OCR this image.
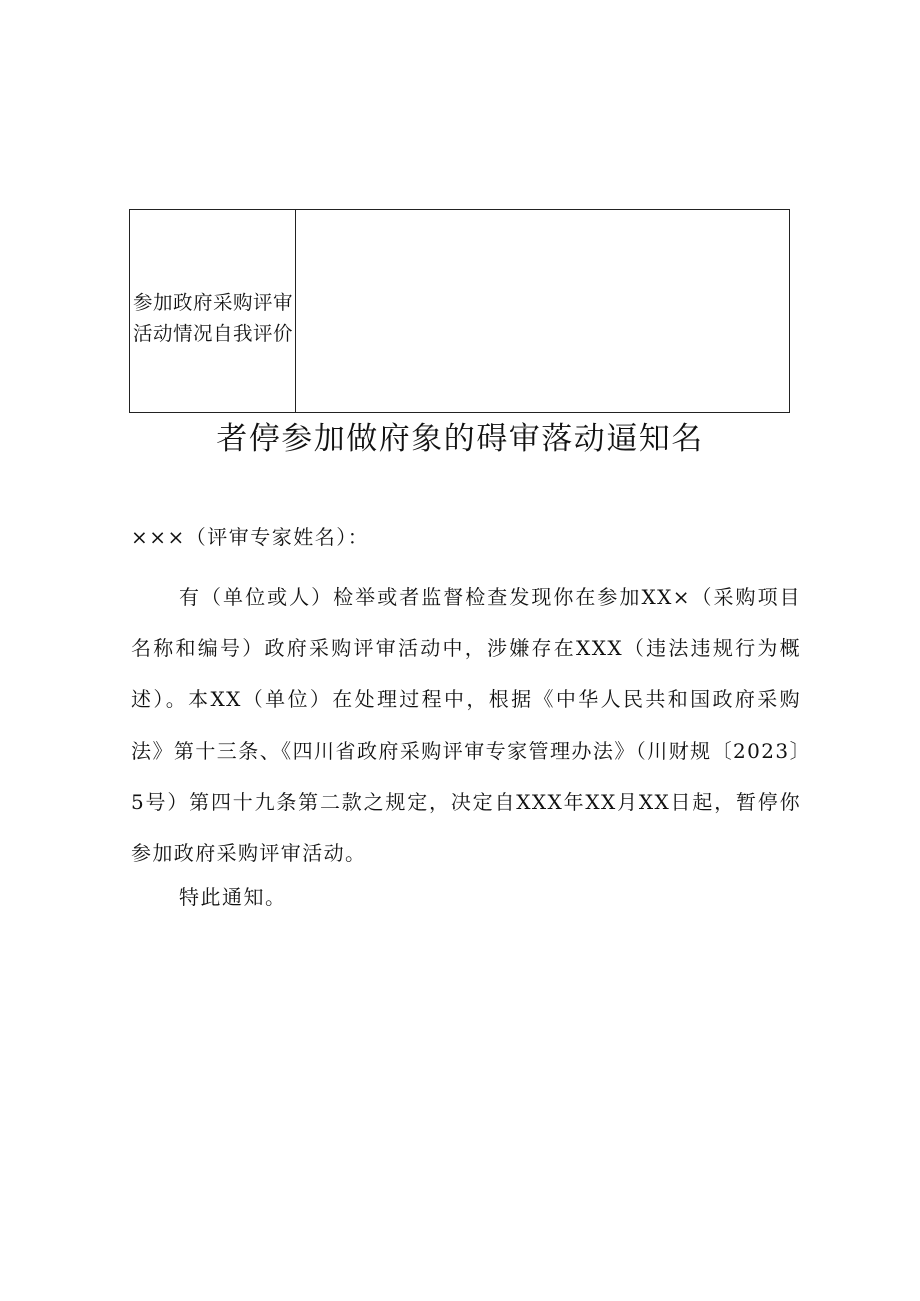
参加政府采购评审活动情况自我评价
者停参加做府象的碍审落动逼知名

×××（评审专家姓名）：

有（单位或人）检举或者监督检查发现你在参加XX×（采购项目名称和编号）政府采购评审活动中，涉嫌存在XXX（违法违规行为概述）。本XX（单位）在处理过程中，根据《中华人民共和国政府采购法》第十三条、《四川省政府采购评审专家管理办法》（川财规〔2023〕5号）第四十九条第二款之规定，决定自XXX年XX月XX日起，暂停你参加政府采购评审活动。

特此通知。
